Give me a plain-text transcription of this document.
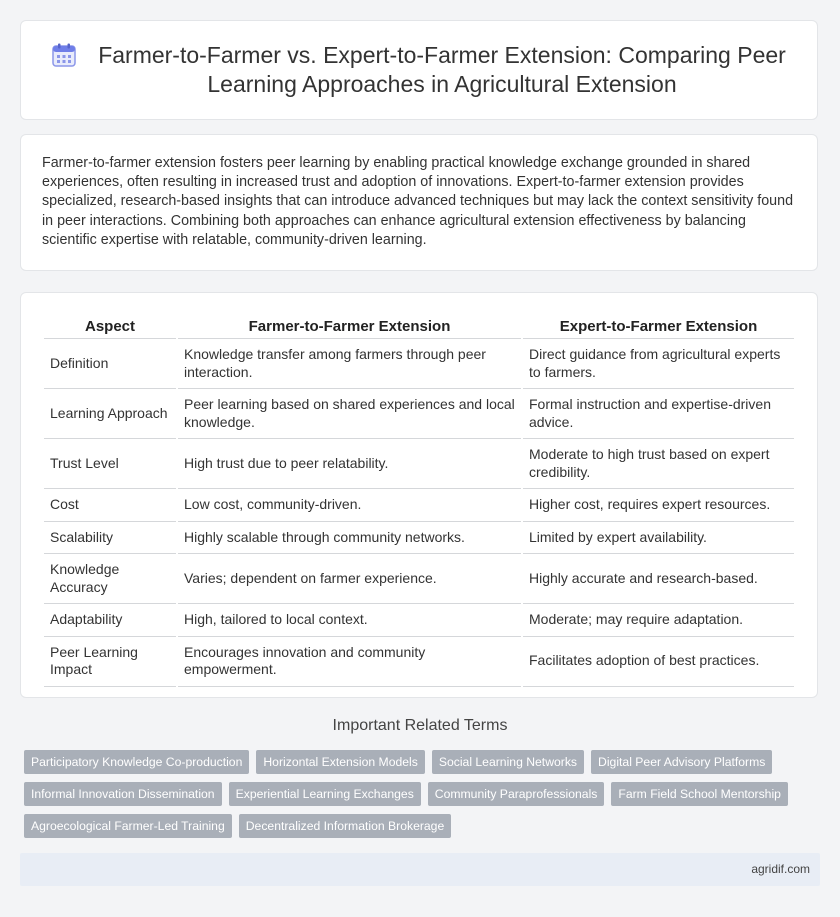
Farmer-to-Farmer vs. Expert-to-Farmer Extension: Comparing Peer Learning Approaches in Agricultural Extension

Farmer-to-farmer extension fosters peer learning by enabling practical knowledge exchange grounded in shared experiences, often resulting in increased trust and adoption of innovations. Expert-to-farmer extension provides specialized, research-based insights that can introduce advanced techniques but may lack the context sensitivity found in peer interactions. Combining both approaches can enhance agricultural extension effectiveness by balancing scientific expertise with relatable, community-driven learning.

Aspect	Farmer-to-Farmer Extension	Expert-to-Farmer Extension
Definition	Knowledge transfer among farmers through peer interaction.	Direct guidance from agricultural experts to farmers.
Learning Approach	Peer learning based on shared experiences and local knowledge.	Formal instruction and expertise-driven advice.
Trust Level	High trust due to peer relatability.	Moderate to high trust based on expert credibility.
Cost	Low cost, community-driven.	Higher cost, requires expert resources.
Scalability	Highly scalable through community networks.	Limited by expert availability.
Knowledge Accuracy	Varies; dependent on farmer experience.	Highly accurate and research-based.
Adaptability	High, tailored to local context.	Moderate; may require adaptation.
Peer Learning Impact	Encourages innovation and community empowerment.	Facilitates adoption of best practices.
Important Related Terms
Participatory Knowledge Co-production	Horizontal Extension Models	Social Learning Networks	Digital Peer Advisory Platforms
Informal Innovation Dissemination	Experiential Learning Exchanges	Community Paraprofessionals	Farm Field School Mentorship
Agroecological Farmer-Led Training	Decentralized Information Brokerage
agridif.com
